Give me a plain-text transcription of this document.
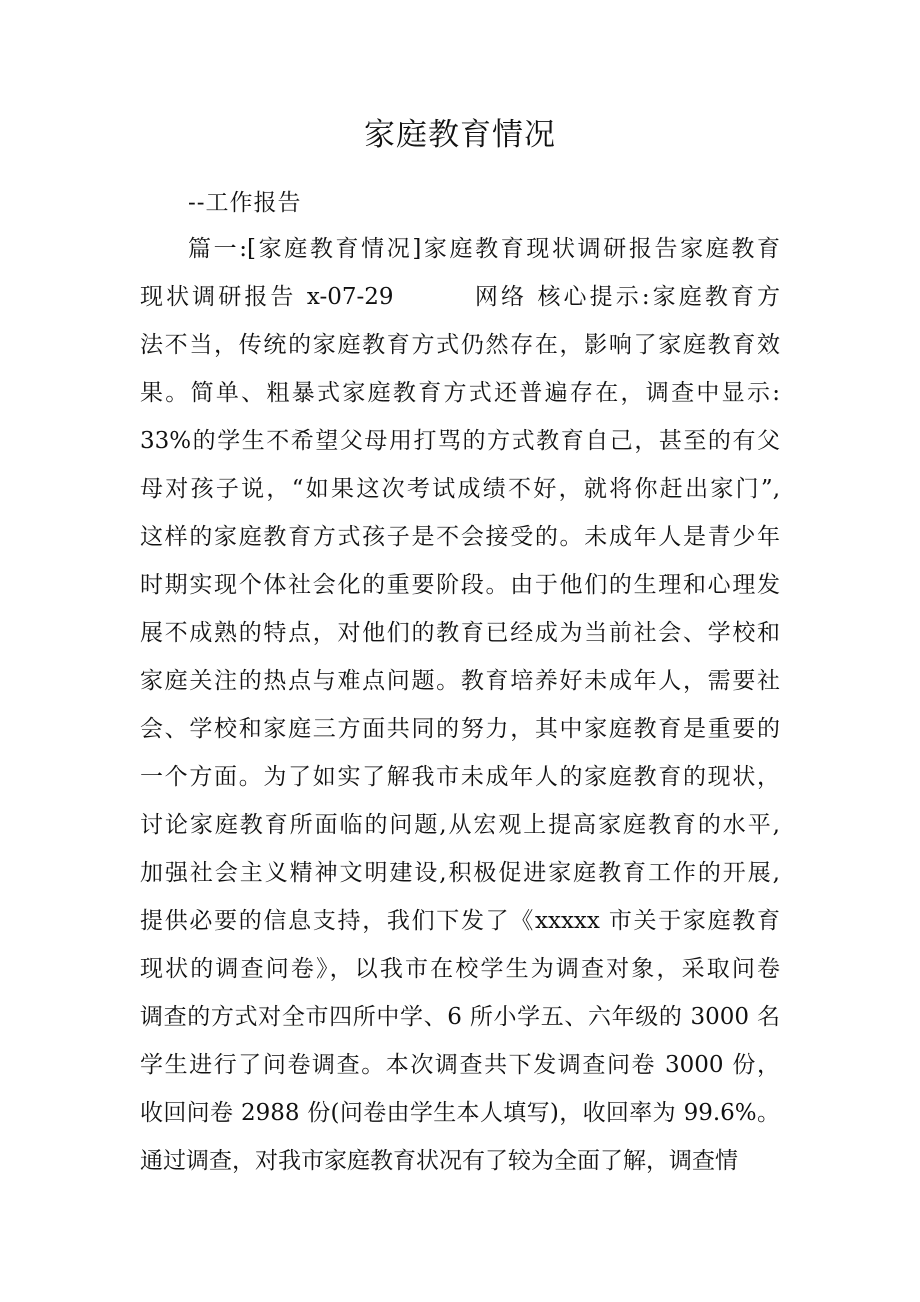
家庭教育情况
--工作报告
篇一:[家庭教育情况]家庭教育现状调研报告家庭教育
现状调研报告 x-07-29　　　网络 核心提示:家庭教育方
法不当，传统的家庭教育方式仍然存在，影响了家庭教育效
果。简单、粗暴式家庭教育方式还普遍存在，调查中显示:
33%的学生不希望父母用打骂的方式教育自己，甚至的有父
母对孩子说，“如果这次考试成绩不好，就将你赶出家门”,
这样的家庭教育方式孩子是不会接受的。未成年人是青少年
时期实现个体社会化的重要阶段。由于他们的生理和心理发
展不成熟的特点，对他们的教育已经成为当前社会、学校和
家庭关注的热点与难点问题。教育培养好未成年人，需要社
会、学校和家庭三方面共同的努力，其中家庭教育是重要的
一个方面。为了如实了解我市未成年人的家庭教育的现状，
讨论家庭教育所面临的问题,从宏观上提高家庭教育的水平,
加强社会主义精神文明建设,积极促进家庭教育工作的开展,
提供必要的信息支持，我们下发了《xxxxx 市关于家庭教育
现状的调查问卷》，以我市在校学生为调查对象，采取问卷
调查的方式对全市四所中学、6 所小学五、六年级的 3000 名
学生进行了问卷调查。本次调查共下发调查问卷 3000 份，
收回问卷 2988 份(问卷由学生本人填写)，收回率为 99.6%。
通过调查，对我市家庭教育状况有了较为全面了解，调查情
